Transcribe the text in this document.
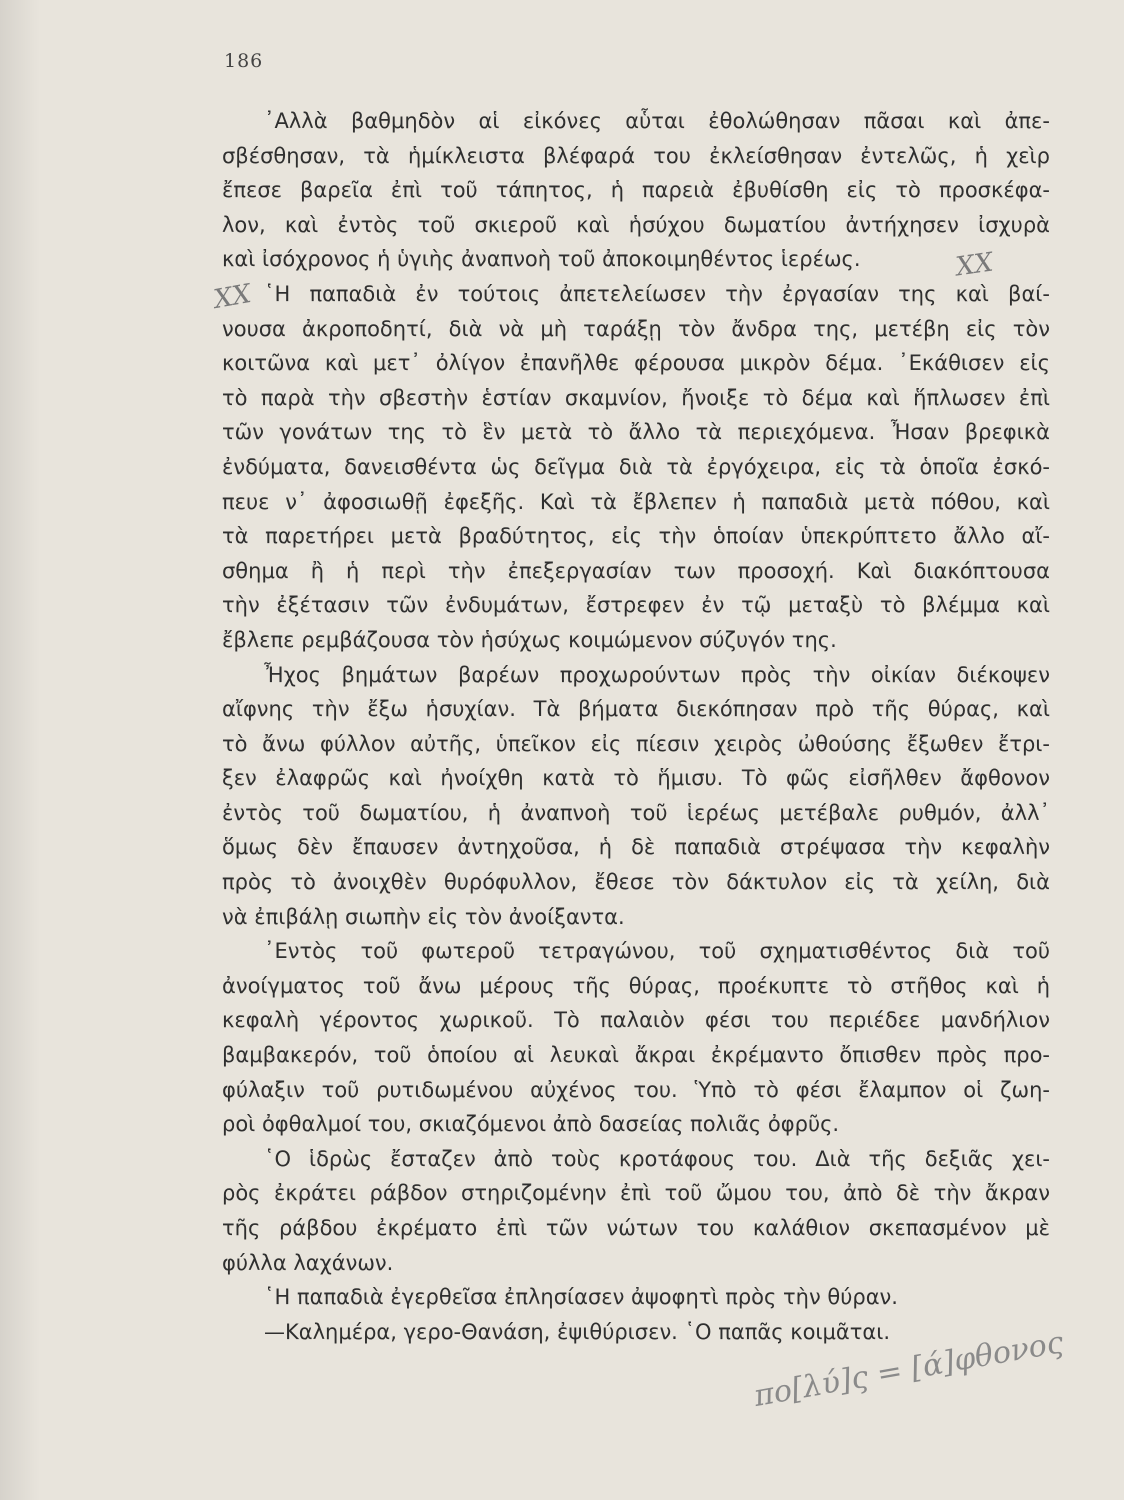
186
᾿Αλλὰ βαθμηδὸν αἱ εἰκόνες αὗται ἐθολώθησαν πᾶσαι καὶ ἀπε-
σβέσθησαν, τὰ ἡμίκλειστα βλέφαρά του ἐκλείσθησαν ἐντελῶς, ἡ χεὶρ
ἔπεσε βαρεῖα ἐπὶ τοῦ τάπητος, ἡ παρειὰ ἐβυθίσθη εἰς τὸ προσκέφα-
λον, καὶ ἐντὸς τοῦ σκιεροῦ καὶ ἡσύχου δωματίου ἀντήχησεν ἰσχυρὰ
καὶ ἰσόχρονος ἡ ὑγιὴς ἀναπνοὴ τοῦ ἀποκοιμηθέντος ἱερέως.
῾Η παπαδιὰ ἐν τούτοις ἀπετελείωσεν τὴν ἐργασίαν της καὶ βαί-
νουσα ἀκροποδητί, διὰ νὰ μὴ ταράξῃ τὸν ἄνδρα της, μετέβη εἰς τὸν
κοιτῶνα καὶ μετ᾿ ὀλίγον ἐπανῆλθε φέρουσα μικρὸν δέμα. ᾿Εκάθισεν εἰς
τὸ παρὰ τὴν σβεστὴν ἑστίαν σκαμνίον, ἤνοιξε τὸ δέμα καὶ ἥπλωσεν ἐπὶ
τῶν γονάτων της τὸ ἓν μετὰ τὸ ἄλλο τὰ περιεχόμενα. Ἦσαν βρεφικὰ
ἐνδύματα, δανεισθέντα ὡς δεῖγμα διὰ τὰ ἐργόχειρα, εἰς τὰ ὁποῖα ἐσκό-
πευε ν᾿ ἀφοσιωθῇ ἐφεξῆς. Καὶ τὰ ἔβλεπεν ἡ παπαδιὰ μετὰ πόθου, καὶ
τὰ παρετήρει μετὰ βραδύτητος, εἰς τὴν ὁποίαν ὑπεκρύπτετο ἄλλο αἴ-
σθημα ἢ ἡ περὶ τὴν ἐπεξεργασίαν των προσοχή. Καὶ διακόπτουσα
τὴν ἐξέτασιν τῶν ἐνδυμάτων, ἔστρεφεν ἐν τῷ μεταξὺ τὸ βλέμμα καὶ
ἔβλεπε ρεμβάζουσα τὸν ἡσύχως κοιμώμενον σύζυγόν της.
Ἦχος βημάτων βαρέων προχωρούντων πρὸς τὴν οἰκίαν διέκοψεν
αἴφνης τὴν ἔξω ἡσυχίαν. Τὰ βήματα διεκόπησαν πρὸ τῆς θύρας, καὶ
τὸ ἄνω φύλλον αὐτῆς, ὑπεῖκον εἰς πίεσιν χειρὸς ὠθούσης ἔξωθεν ἔτρι-
ξεν ἐλαφρῶς καὶ ἠνοίχθη κατὰ τὸ ἥμισυ. Τὸ φῶς εἰσῆλθεν ἄφθονον
ἐντὸς τοῦ δωματίου, ἡ ἀναπνοὴ τοῦ ἱερέως μετέβαλε ρυθμόν, ἀλλ᾿
ὅμως δὲν ἔπαυσεν ἀντηχοῦσα, ἡ δὲ παπαδιὰ στρέψασα τὴν κεφαλὴν
πρὸς τὸ ἀνοιχθὲν θυρόφυλλον, ἔθεσε τὸν δάκτυλον εἰς τὰ χείλη, διὰ
νὰ ἐπιβάλῃ σιωπὴν εἰς τὸν ἀνοίξαντα.
᾿Εντὸς τοῦ φωτεροῦ τετραγώνου, τοῦ σχηματισθέντος διὰ τοῦ
ἀνοίγματος τοῦ ἄνω μέρους τῆς θύρας, προέκυπτε τὸ στῆθος καὶ ἡ
κεφαλὴ γέροντος χωρικοῦ. Τὸ παλαιὸν φέσι του περιέδεε μανδήλιον
βαμβακερόν, τοῦ ὁποίου αἱ λευκαὶ ἄκραι ἐκρέμαντο ὄπισθεν πρὸς προ-
φύλαξιν τοῦ ρυτιδωμένου αὐχένος του. Ὑπὸ τὸ φέσι ἔλαμπον οἱ ζωη-
ροὶ ὀφθαλμοί του, σκιαζόμενοι ἀπὸ δασείας πολιᾶς ὀφρῦς.
῾Ο ἱδρὼς ἔσταζεν ἀπὸ τοὺς κροτάφους του. Διὰ τῆς δεξιᾶς χει-
ρὸς ἐκράτει ράβδον στηριζομένην ἐπὶ τοῦ ὤμου του, ἀπὸ δὲ τὴν ἄκραν
τῆς ράβδου ἐκρέματο ἐπὶ τῶν νώτων του καλάθιον σκεπασμένον μὲ
φύλλα λαχάνων.
῾Η παπαδιὰ ἐγερθεῖσα ἐπλησίασεν ἀψοφητὶ πρὸς τὴν θύραν.
—Καλημέρα, γερο-Θανάση, ἐψιθύρισεν. ῾Ο παπᾶς κοιμᾶται.
XX
XX
πο[λύ]ς = [ά]φθονος
